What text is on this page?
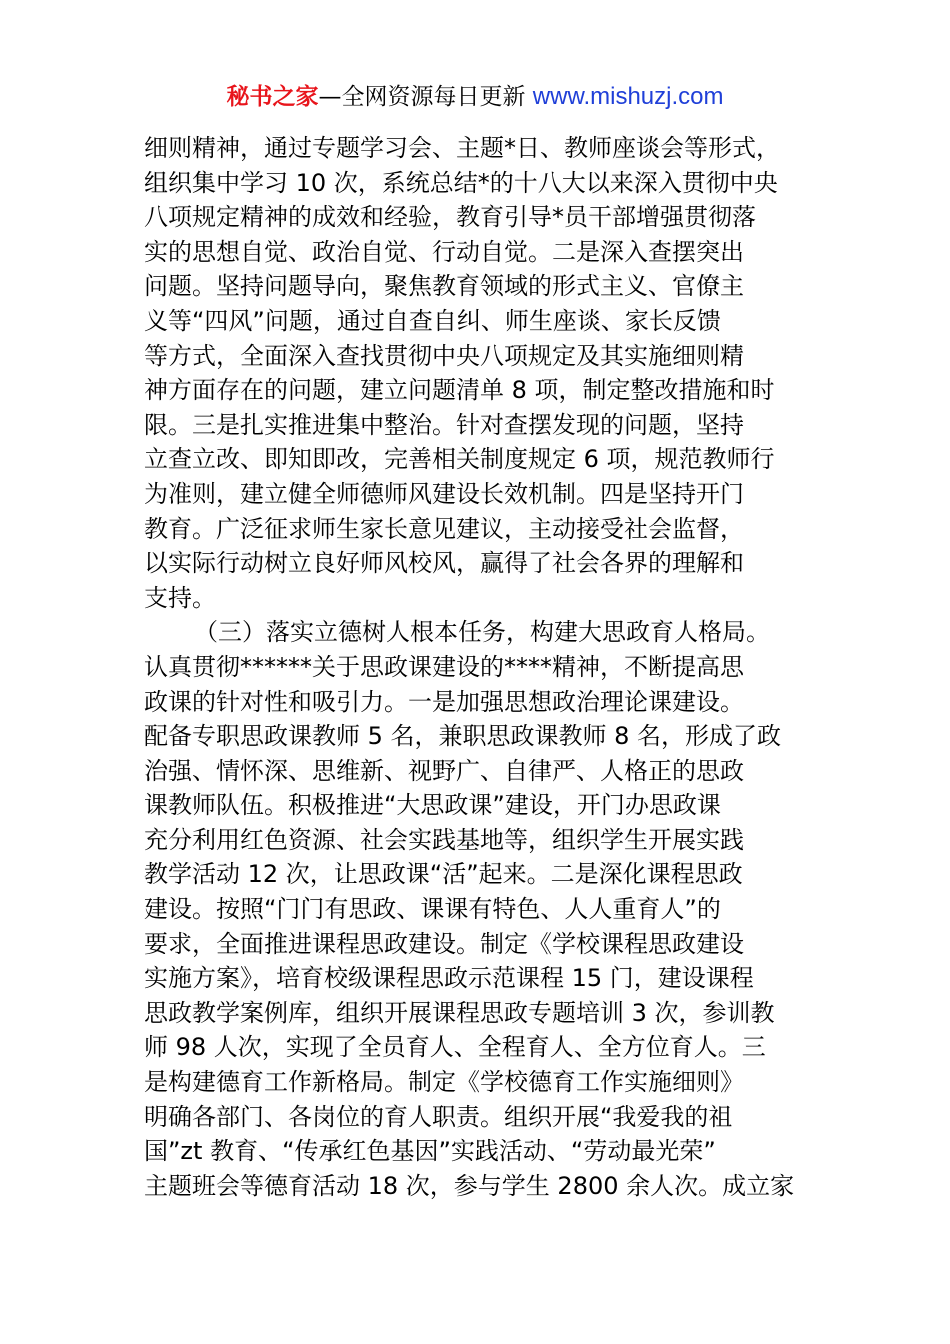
秘书之家—全网资源每日更新 www.mishuzj.com
细则精神，通过专题学习会、主题*日、教师座谈会等形式，
组织集中学习 10 次，系统总结*的十八大以来深入贯彻中央
八项规定精神的成效和经验，教育引导*员干部增强贯彻落
实的思想自觉、政治自觉、行动自觉。二是深入查摆突出
问题。坚持问题导向，聚焦教育领域的形式主义、官僚主
义等“四风”问题，通过自查自纠、师生座谈、家长反馈
等方式，全面深入查找贯彻中央八项规定及其实施细则精
神方面存在的问题，建立问题清单 8 项，制定整改措施和时
限。三是扎实推进集中整治。针对查摆发现的问题，坚持
立查立改、即知即改，完善相关制度规定 6 项，规范教师行
为准则，建立健全师德师风建设长效机制。四是坚持开门
教育。广泛征求师生家长意见建议，主动接受社会监督，
以实际行动树立良好师风校风，赢得了社会各界的理解和
支持。
（三）落实立德树人根本任务，构建大思政育人格局。
认真贯彻******关于思政课建设的****精神，不断提高思
政课的针对性和吸引力。一是加强思想政治理论课建设。
配备专职思政课教师 5 名，兼职思政课教师 8 名，形成了政
治强、情怀深、思维新、视野广、自律严、人格正的思政
课教师队伍。积极推进“大思政课”建设，开门办思政课
充分利用红色资源、社会实践基地等，组织学生开展实践
教学活动 12 次，让思政课“活”起来。二是深化课程思政
建设。按照“门门有思政、课课有特色、人人重育人”的
要求，全面推进课程思政建设。制定《学校课程思政建设
实施方案》，培育校级课程思政示范课程 15 门，建设课程
思政教学案例库，组织开展课程思政专题培训 3 次，参训教
师 98 人次，实现了全员育人、全程育人、全方位育人。三
是构建德育工作新格局。制定《学校德育工作实施细则》
明确各部门、各岗位的育人职责。组织开展“我爱我的祖
国”zt 教育、“传承红色基因”实践活动、“劳动最光荣”
主题班会等德育活动 18 次，参与学生 2800 余人次。成立家
